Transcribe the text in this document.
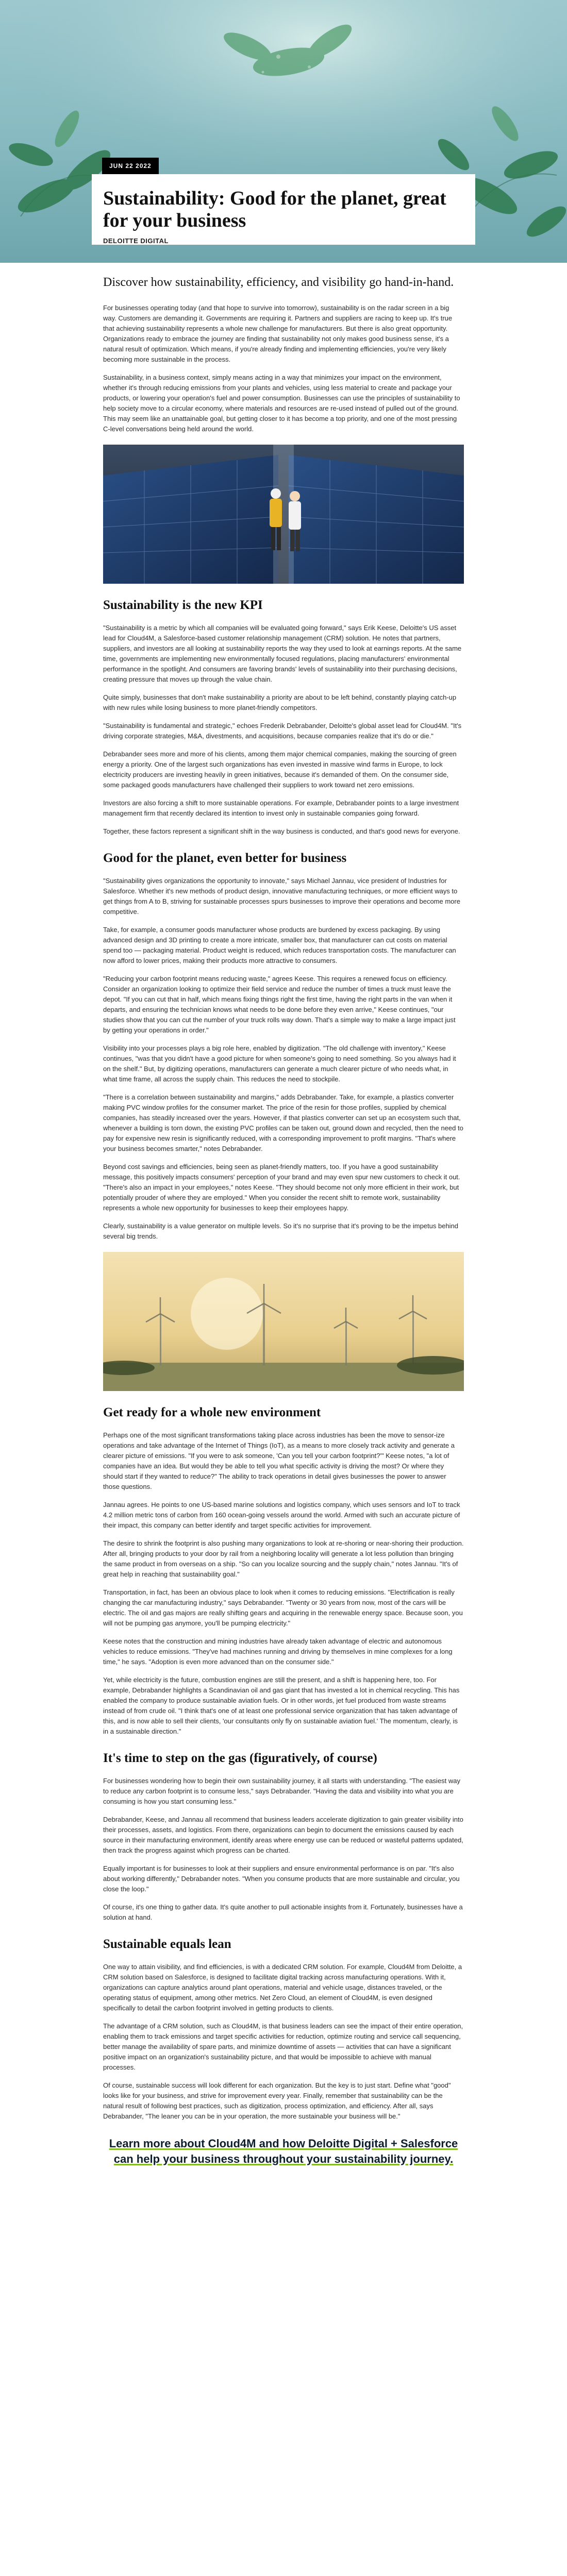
JUN 22 2022
Sustainability: Good for the planet, great for your business
DELOITTE DIGITAL
Discover how sustainability, efficiency, and visibility go hand-in-hand.

For businesses operating today (and that hope to survive into tomorrow), sustainability is on the radar screen in a big way. Customers are demanding it. Governments are requiring it. Partners and suppliers are racing to keep up. It's true that achieving sustainability represents a whole new challenge for manufacturers. But there is also great opportunity. Organizations ready to embrace the journey are finding that sustainability not only makes good business sense, it's a natural result of optimization. Which means, if you're already finding and implementing efficiencies, you're very likely becoming more sustainable in the process.

Sustainability, in a business context, simply means acting in a way that minimizes your impact on the environment, whether it's through reducing emissions from your plants and vehicles, using less material to create and package your products, or lowering your operation's fuel and power consumption. Businesses can use the principles of sustainability to help society move to a circular economy, where materials and resources are re-used instead of pulled out of the ground. This may seem like an unattainable goal, but getting closer to it has become a top priority, and one of the most pressing C-level conversations being held around the world.

Sustainability is the new KPI

"Sustainability is a metric by which all companies will be evaluated going forward," says Erik Keese, Deloitte's US asset lead for Cloud4M, a Salesforce-based customer relationship management (CRM) solution. He notes that partners, suppliers, and investors are all looking at sustainability reports the way they used to look at earnings reports. At the same time, governments are implementing new environmentally focused regulations, placing manufacturers' environmental performance in the spotlight. And consumers are favoring brands' levels of sustainability into their purchasing decisions, creating pressure that moves up through the value chain.

Quite simply, businesses that don't make sustainability a priority are about to be left behind, constantly playing catch-up with new rules while losing business to more planet-friendly competitors.

"Sustainability is fundamental and strategic," echoes Frederik Debrabander, Deloitte's global asset lead for Cloud4M. "It's driving corporate strategies, M&A, divestments, and acquisitions, because companies realize that it's do or die."

Debrabander sees more and more of his clients, among them major chemical companies, making the sourcing of green energy a priority. One of the largest such organizations has even invested in massive wind farms in Europe, to lock electricity producers are investing heavily in green initiatives, because it's demanded of them. On the consumer side, some packaged goods manufacturers have challenged their suppliers to work toward net zero emissions.

Investors are also forcing a shift to more sustainable operations. For example, Debrabander points to a large investment management firm that recently declared its intention to invest only in sustainable companies going forward.

Together, these factors represent a significant shift in the way business is conducted, and that's good news for everyone.

Good for the planet, even better for business

"Sustainability gives organizations the opportunity to innovate," says Michael Jannau, vice president of Industries for Salesforce. Whether it's new methods of product design, innovative manufacturing techniques, or more efficient ways to get things from A to B, striving for sustainable processes spurs businesses to improve their operations and become more competitive.

Take, for example, a consumer goods manufacturer whose products are burdened by excess packaging. By using advanced design and 3D printing to create a more intricate, smaller box, that manufacturer can cut costs on material spend too — packaging material. Product weight is reduced, which reduces transportation costs. The manufacturer can now afford to lower prices, making their products more attractive to consumers.

"Reducing your carbon footprint means reducing waste," agrees Keese. This requires a renewed focus on efficiency. Consider an organization looking to optimize their field service and reduce the number of times a truck must leave the depot. "If you can cut that in half, which means fixing things right the first time, having the right parts in the van when it departs, and ensuring the technician knows what needs to be done before they even arrive," Keese continues, "our studies show that you can cut the number of your truck rolls way down. That's a simple way to make a large impact just by getting your operations in order."

Visibility into your processes plays a big role here, enabled by digitization. "The old challenge with inventory," Keese continues, "was that you didn't have a good picture for when someone's going to need something. So you always had it on the shelf." But, by digitizing operations, manufacturers can generate a much clearer picture of who needs what, in what time frame, all across the supply chain. This reduces the need to stockpile.

"There is a correlation between sustainability and margins," adds Debrabander. Take, for example, a plastics converter making PVC window profiles for the consumer market. The price of the resin for those profiles, supplied by chemical companies, has steadily increased over the years. However, if that plastics converter can set up an ecosystem such that, whenever a building is torn down, the existing PVC profiles can be taken out, ground down and recycled, then the need to pay for expensive new resin is significantly reduced, with a corresponding improvement to profit margins. "That's where your business becomes smarter," notes Debrabander.

Beyond cost savings and efficiencies, being seen as planet-friendly matters, too. If you have a good sustainability message, this positively impacts consumers' perception of your brand and may even spur new customers to check it out. "There's also an impact in your employees," notes Keese. "They should become not only more efficient in their work, but potentially prouder of where they are employed." When you consider the recent shift to remote work, sustainability represents a whole new opportunity for businesses to keep their employees happy.

Clearly, sustainability is a value generator on multiple levels. So it's no surprise that it's proving to be the impetus behind several big trends.

Get ready for a whole new environment

Perhaps one of the most significant transformations taking place across industries has been the move to sensor-ize operations and take advantage of the Internet of Things (IoT), as a means to more closely track activity and generate a clearer picture of emissions. "If you were to ask someone, 'Can you tell your carbon footprint?'" Keese notes, "a lot of companies have an idea. But would they be able to tell you what specific activity is driving the most? Or where they should start if they wanted to reduce?" The ability to track operations in detail gives businesses the power to answer those questions.

Jannau agrees. He points to one US-based marine solutions and logistics company, which uses sensors and IoT to track 4.2 million metric tons of carbon from 160 ocean-going vessels around the world. Armed with such an accurate picture of their impact, this company can better identify and target specific activities for improvement.

The desire to shrink the footprint is also pushing many organizations to look at re-shoring or near-shoring their production. After all, bringing products to your door by rail from a neighboring locality will generate a lot less pollution than bringing the same product in from overseas on a ship. "So can you localize sourcing and the supply chain," notes Jannau. "It's of great help in reaching that sustainability goal."

Transportation, in fact, has been an obvious place to look when it comes to reducing emissions. "Electrification is really changing the car manufacturing industry," says Debrabander. "Twenty or 30 years from now, most of the cars will be electric. The oil and gas majors are really shifting gears and acquiring in the renewable energy space. Because soon, you will not be pumping gas anymore, you'll be pumping electricity."

Keese notes that the construction and mining industries have already taken advantage of electric and autonomous vehicles to reduce emissions. "They've had machines running and driving by themselves in mine complexes for a long time," he says. "Adoption is even more advanced than on the consumer side."

Yet, while electricity is the future, combustion engines are still the present, and a shift is happening here, too. For example, Debrabander highlights a Scandinavian oil and gas giant that has invested a lot in chemical recycling. This has enabled the company to produce sustainable aviation fuels. Or in other words, jet fuel produced from waste streams instead of from crude oil. "I think that's one of at least one professional service organization that has taken advantage of this, and is now able to sell their clients, 'our consultants only fly on sustainable aviation fuel.' The momentum, clearly, is in a sustainable direction."

It's time to step on the gas (figuratively, of course)

For businesses wondering how to begin their own sustainability journey, it all starts with understanding. "The easiest way to reduce any carbon footprint is to consume less," says Debrabander. "Having the data and visibility into what you are consuming is how you start consuming less."

Debrabander, Keese, and Jannau all recommend that business leaders accelerate digitization to gain greater visibility into their processes, assets, and logistics. From there, organizations can begin to document the emissions caused by each source in their manufacturing environment, identify areas where energy use can be reduced or wasteful patterns updated, then track the progress against which progress can be charted.

Equally important is for businesses to look at their suppliers and ensure environmental performance is on par. "It's also about working differently," Debrabander notes. "When you consume products that are more sustainable and circular, you close the loop."

Of course, it's one thing to gather data. It's quite another to pull actionable insights from it. Fortunately, businesses have a solution at hand.

Sustainable equals lean

One way to attain visibility, and find efficiencies, is with a dedicated CRM solution. For example, Cloud4M from Deloitte, a CRM solution based on Salesforce, is designed to facilitate digital tracking across manufacturing operations. With it, organizations can capture analytics around plant operations, material and vehicle usage, distances traveled, or the operating status of equipment, among other metrics. Net Zero Cloud, an element of Cloud4M, is even designed specifically to detail the carbon footprint involved in getting products to clients.

The advantage of a CRM solution, such as Cloud4M, is that business leaders can see the impact of their entire operation, enabling them to track emissions and target specific activities for reduction, optimize routing and service call sequencing, better manage the availability of spare parts, and minimize downtime of assets — activities that can have a significant positive impact on an organization's sustainability picture, and that would be impossible to achieve with manual processes.

Of course, sustainable success will look different for each organization. But the key is to just start. Define what "good" looks like for your business, and strive for improvement every year. Finally, remember that sustainability can be the natural result of following best practices, such as digitization, process optimization, and efficiency. After all, says Debrabander, "The leaner you can be in your operation, the more sustainable your business will be."

Learn more about Cloud4M and how Deloitte Digital + Salesforce can help your business throughout your sustainability journey.
